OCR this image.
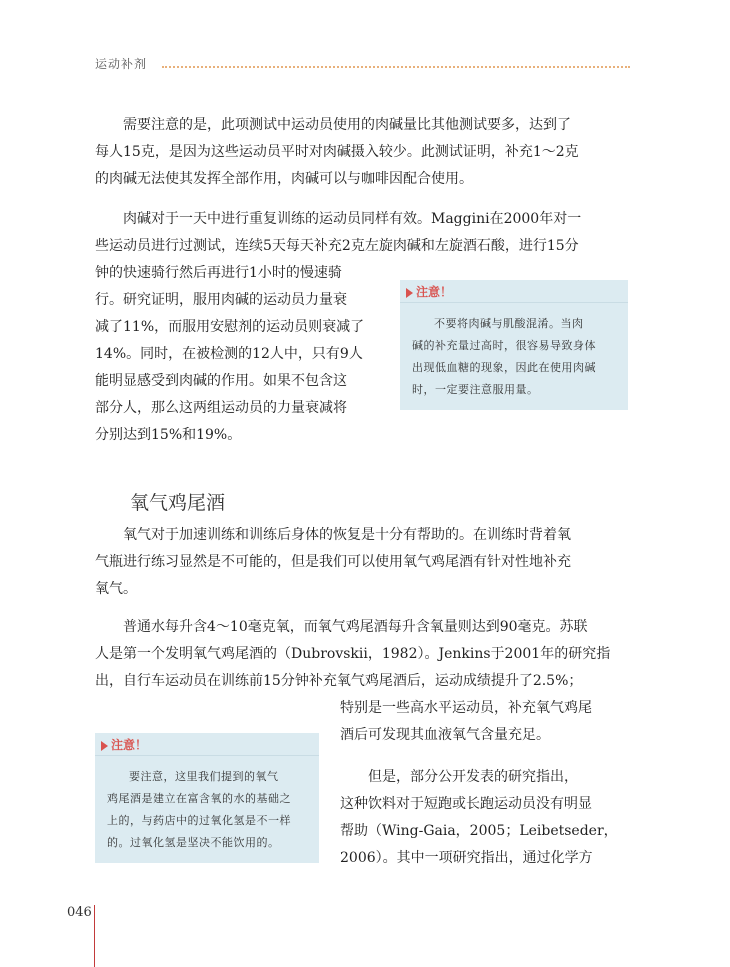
运动补剂
需要注意的是，此项测试中运动员使用的肉碱量比其他测试要多，达到了
每人15克，是因为这些运动员平时对肉碱摄入较少。此测试证明，补充1～2克
的肉碱无法使其发挥全部作用，肉碱可以与咖啡因配合使用。
肉碱对于一天中进行重复训练的运动员同样有效。Maggini在2000年对一
些运动员进行过测试，连续5天每天补充2克左旋肉碱和左旋酒石酸，进行15分
钟的快速骑行然后再进行1小时的慢速骑
行。研究证明，服用肉碱的运动员力量衰
减了11%，而服用安慰剂的运动员则衰减了
14%。同时，在被检测的12人中，只有9人
能明显感受到肉碱的作用。如果不包含这
部分人，那么这两组运动员的力量衰减将
分别达到15%和19%。
注意！
不要将肉碱与肌酸混淆。当肉
碱的补充量过高时，很容易导致身体
出现低血糖的现象，因此在使用肉碱
时，一定要注意服用量。
氧气鸡尾酒
氧气对于加速训练和训练后身体的恢复是十分有帮助的。在训练时背着氧
气瓶进行练习显然是不可能的，但是我们可以使用氧气鸡尾酒有针对性地补充
氧气。
普通水每升含4～10毫克氧，而氧气鸡尾酒每升含氧量则达到90毫克。苏联
人是第一个发明氧气鸡尾酒的（Dubrovskii，1982）。Jenkins于2001年的研究指
出，自行车运动员在训练前15分钟补充氧气鸡尾酒后，运动成绩提升了2.5%；
特别是一些高水平运动员，补充氧气鸡尾
酒后可发现其血液氧气含量充足。
但是，部分公开发表的研究指出，
这种饮料对于短跑或长跑运动员没有明显
帮助（Wing-Gaia，2005；Leibetseder，
2006）。其中一项研究指出，通过化学方
注意！
要注意，这里我们提到的氧气
鸡尾酒是建立在富含氧的水的基础之
上的，与药店中的过氧化氢是不一样
的。过氧化氢是坚决不能饮用的。
046
